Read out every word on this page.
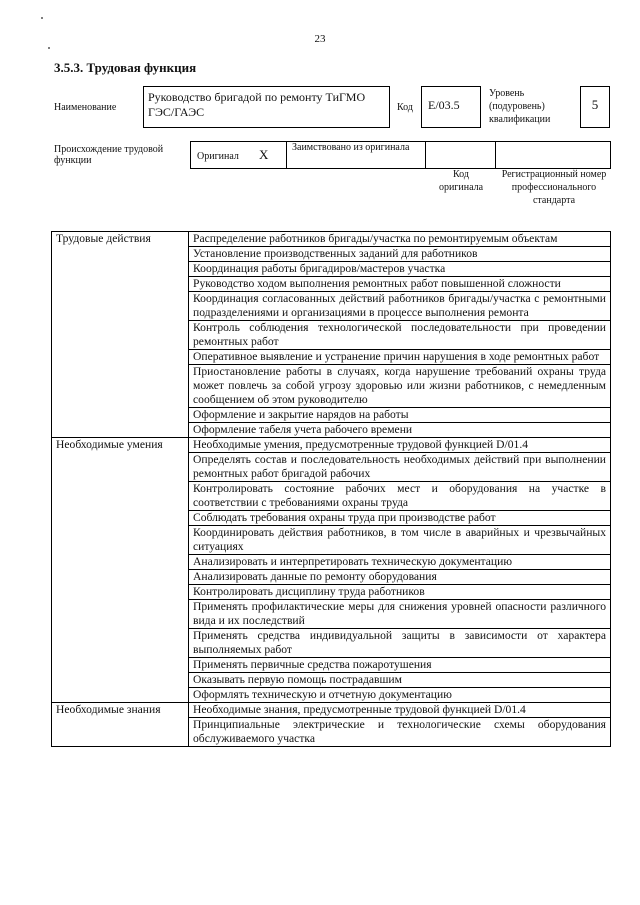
23
3.5.3. Трудовая функция
Наименование
Руководство бригадой по ремонту ТиГМО ГЭС/ГАЭС	Код	E/03.5
Уровень (подуровень) квалификации
5
Происхождение трудовой функции	Оригинал X Заимствовано из оригинала
Код оригинала
Регистрационный номер профессионального стандарта
Трудовые действия	Распределение работников бригады/участка по ремонтируемым объектам
	Установление производственных заданий для работников
	Координация работы бригадиров/мастеров участка
	Руководство ходом выполнения ремонтных работ повышенной сложности
	Координация согласованных действий работников бригады/участка с ремонтными подразделениями и организациями в процессе выполнения ремонта
	Контроль соблюдения технологической последовательности при проведении ремонтных работ
	Оперативное выявление и устранение причин нарушения в ходе ремонтных работ
	Приостановление работы в случаях, когда нарушение требований охраны труда может повлечь за собой угрозу здоровью или жизни работников, с немедленным сообщением об этом руководителю
	Оформление и закрытие нарядов на работы
	Оформление табеля учета рабочего времени
Необходимые умения	Необходимые умения, предусмотренные трудовой функцией D/01.4
	Определять состав и последовательность необходимых действий при выполнении ремонтных работ бригадой рабочих
	Контролировать состояние рабочих мест и оборудования на участке в соответствии с требованиями охраны труда
	Соблюдать требования охраны труда при производстве работ
	Координировать действия работников, в том числе в аварийных и чрезвычайных ситуациях
	Анализировать и интерпретировать техническую документацию
	Анализировать данные по ремонту оборудования
	Контролировать дисциплину труда работников
	Применять профилактические меры для снижения уровней опасности различного вида и их последствий
	Применять средства индивидуальной защиты в зависимости от характера выполняемых работ
	Применять первичные средства пожаротушения
	Оказывать первую помощь пострадавшим
	Оформлять техническую и отчетную документацию
Необходимые знания	Необходимые знания, предусмотренные трудовой функцией D/01.4
	Принципиальные электрические и технологические схемы оборудования обслуживаемого участка
